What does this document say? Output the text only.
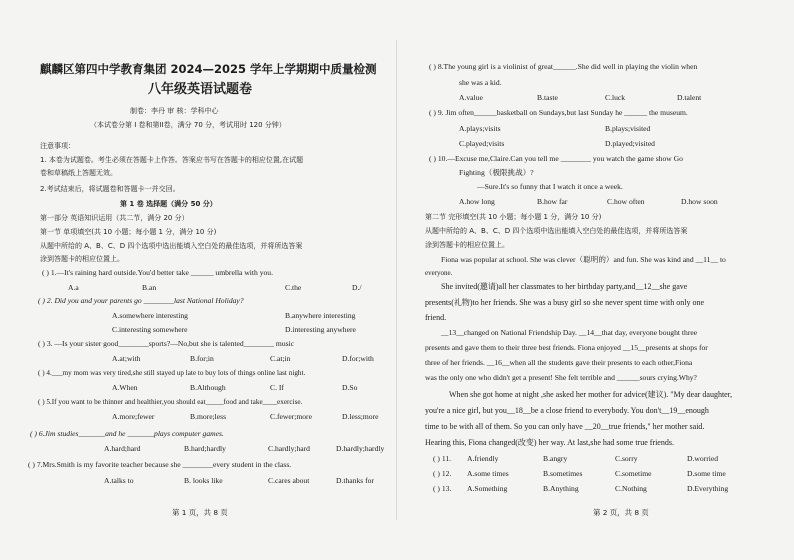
麒麟区第四中学教育集团 2024—2025 学年上学期期中质量检测
八年级英语试题卷
制卷：李丹 审 核：学科中心
（本试卷分第 I 卷和第II卷，满分 70 分，考试用时 120 分钟）
注意事项：
1. 本卷为试题卷。考生必须在答题卡上作答。答案应书写在答题卡的相应位置,在试题
卷和草稿纸上答题无效。
2.考试结束后，将试题卷和答题卡一并交回。
第 1 卷 选择题（满分 50 分）
第一部分 英语知识运用（共二节，满分 20 分）
第一节 单项填空(共 10 小题；每小题 1 分，满分 10 分)
从题中所给的 A、B、C、D 四个选项中选出能填入空白处的最佳选项，并将所选答案
涂到答题卡的相应位置上。
( ) 1.—It's raining hard outside.You'd better take ______ umbrella with you.
A.a	B.an	C.the	D./
( ) 2. Did you and your parents go ________last National Holiday?
A.somewhere interesting	B.anywhere interesting
C.interesting somewhere	D.interesting anywhere
( ) 3. —Is your sister good________sports?—No,but she is talented________ music
A.at;with	B.for;in	C.at;in	D.for;with
( ) 4.___my mom was very tired,she still stayed up late to buy lots of things online last night.
A.When	B.Although	C. If	D.So
( ) 5.If you want to be thinner and healthier,you should eat_____food and take____exercise.
A.more;fewer	B.more;less	C.fewer;more	D.less;more
( ) 6.Jim studies_______and he _______plays computer games.
A.hard;hard	B.hard;hardly	C.hardly;hard	D.hardly;hardly
( ) 7.Mrs.Smith is my favorite teacher because she ________every student in the class.
A.talks to	B. looks like	C.cares about	D.thanks for
第 1 页，共 8 页
( ) 8.The young girl is a violinist of great______.She did well in playing the violin when
she was a kid.
A.value	B.taste	C.luck	D.talent
( ) 9. Jim often______basketball on Sundays,but last Sunday he ______ the museum.
A.plays;visits	B.plays;visited
C.played;visits	D.played;visited
( ) 10.—Excuse me,Claire.Can you tell me ________ you watch the game show Go
Fighting（极限挑战）?
—Sure.It's so funny that I watch it once a week.
A.how long	B.how far	C.how often	D.how soon
第二节 完形填空(共 10 小题；每小题 1 分，满分 10 分)
从题中所给的 A、B、C、D 四个选项中选出能填入空白处的最佳选项，并将所选答案
涂到答题卡的相应位置上。
Fiona was popular at school. She was clever（聪明的）and fun. She was kind and __11__ to
everyone.
She invited(邀请)all her classmates to her birthday party,and__12__she gave
presents(礼物)to her friends. She was a busy girl so she never spent time with only one
friend.
__13__changed on National Friendship Day. __14__that day, everyone bought three
presents and gave them to their three best friends. Fiona enjoyed __15__presents at shops for
three of her friends. __16__when all the students gave their presents to each other,Fiona
was the only one who didn't get a present! She felt terrible and ______sours crying.Why?
When she got home at night ,she asked her mother for advice(建议). "My dear daughter,
you're a nice girl, but you__18__be a close friend to everybody. You don't__19__enough
time to be with all of them. So you can only have __20__true friends," her mother said.
Hearing this, Fiona changed(改变) her way. At last,she had some true friends.
( ) 11. A.friendly	B.angry	C.sorry	D.worried
( ) 12. A.some times	B.sometimes	C.sometime	D.some time
( ) 13. A.Something	B.Anything	C.Nothing	D.Everything
第 2 页，共 8 页
